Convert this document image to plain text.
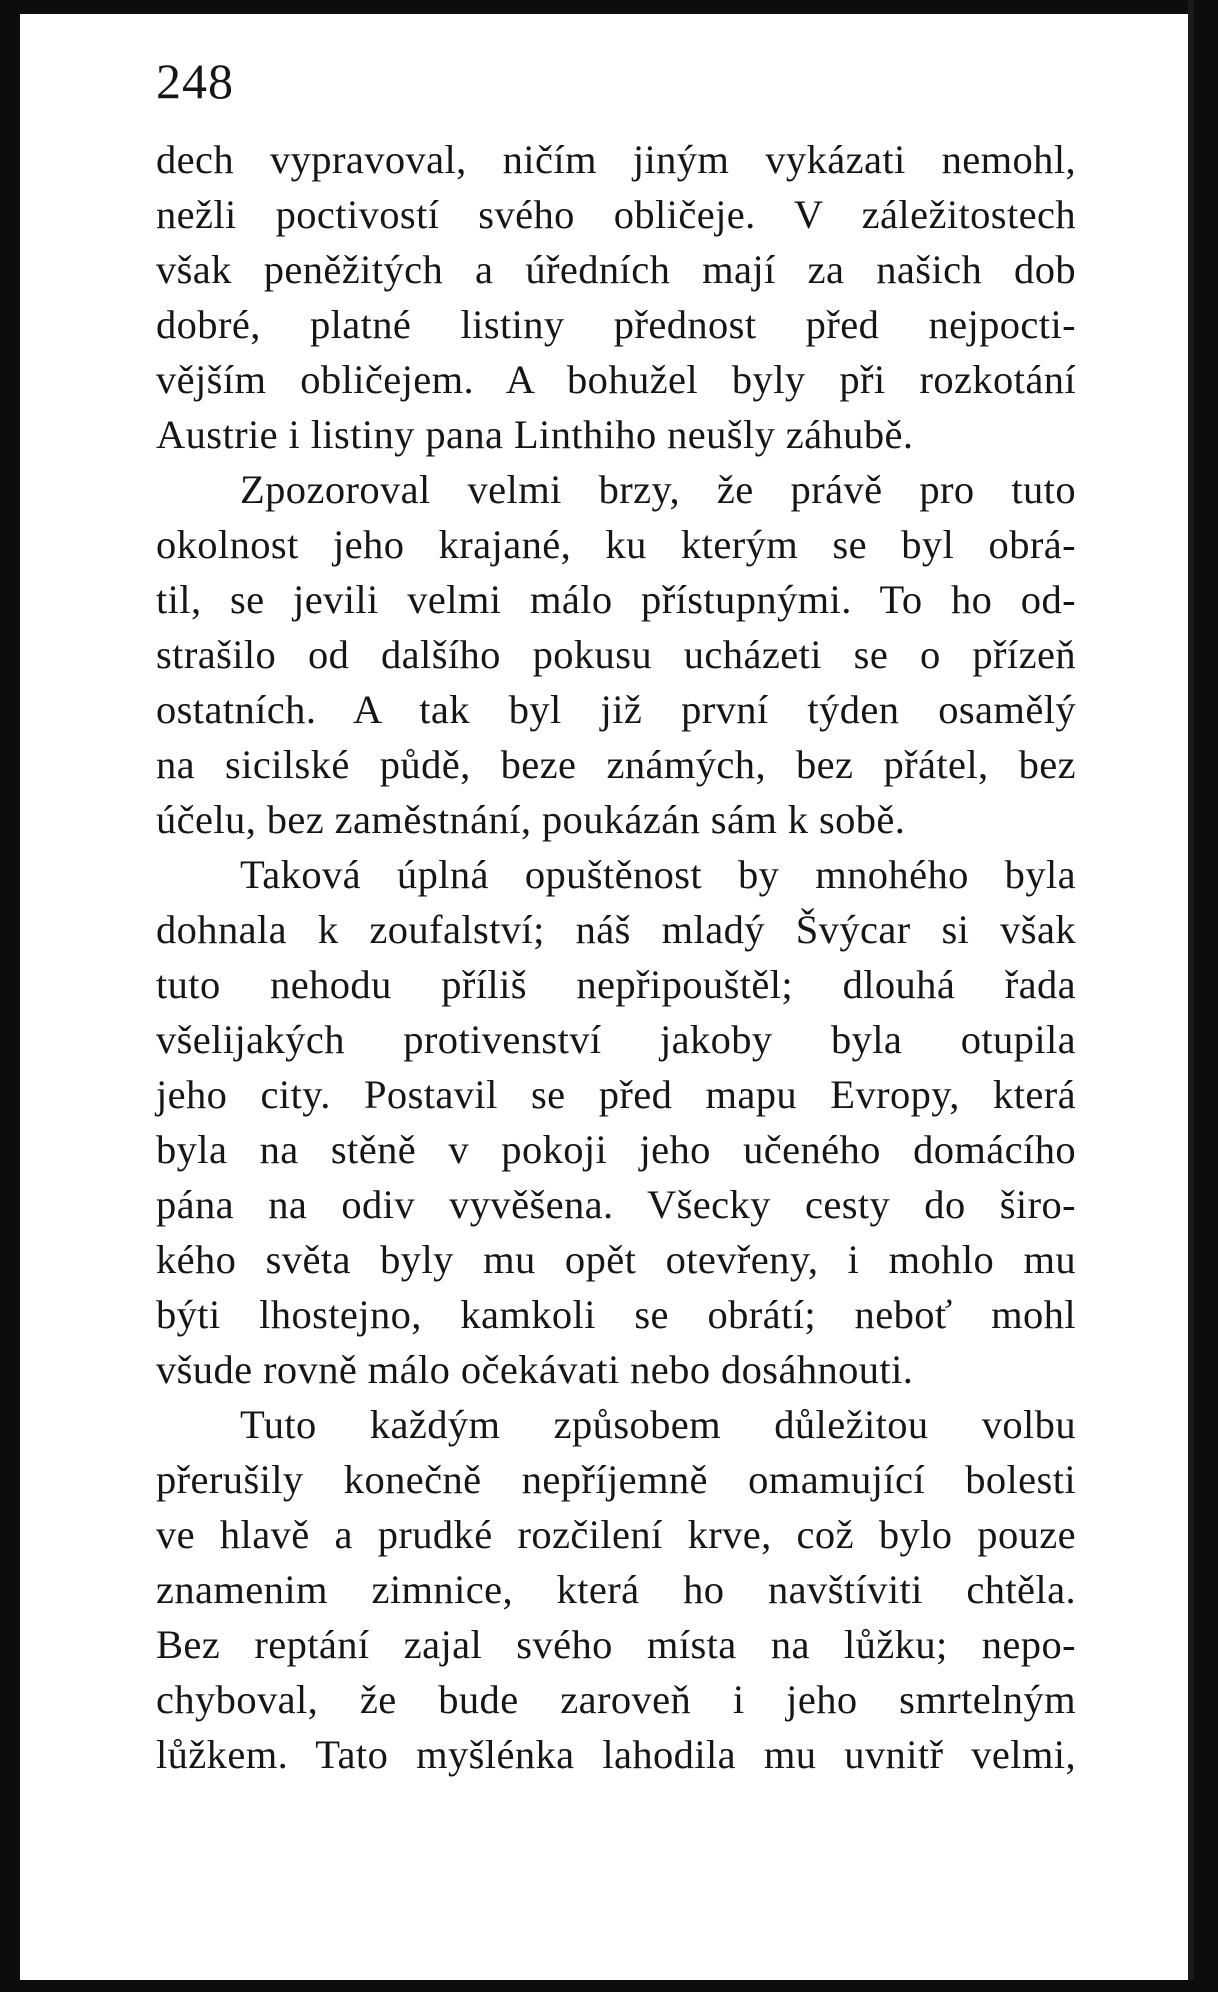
248
dech vypravoval, ničím jiným vykázati nemohl,
nežli poctivostí svého obličeje. V záležitostech
však peněžitých a úředních mají za našich dob
dobré, platné listiny přednost před nejpocti-
vějším obličejem. A bohužel byly při rozkotání
Austrie i listiny pana Linthiho neušly záhubě.
Zpozoroval velmi brzy, že právě pro tuto
okolnost jeho krajané, ku kterým se byl obrá-
til, se jevili velmi málo přístupnými. To ho od-
strašilo od dalšího pokusu ucházeti se o přízeň
ostatních. A tak byl již první týden osamělý
na sicilské půdě, beze známých, bez přátel, bez
účelu, bez zaměstnání, poukázán sám k sobě.
Taková úplná opuštěnost by mnohého byla
dohnala k zoufalství; náš mladý Švýcar si však
tuto nehodu příliš nepřipouštěl; dlouhá řada
všelijakých protivenství jakoby byla otupila
jeho city. Postavil se před mapu Evropy, která
byla na stěně v pokoji jeho učeného domácího
pána na odiv vyvěšena. Všecky cesty do širo-
kého světa byly mu opět otevřeny, i mohlo mu
býti lhostejno, kamkoli se obrátí; neboť mohl
všude rovně málo očekávati nebo dosáhnouti.
Tuto každým způsobem důležitou volbu
přerušily konečně nepříjemně omamující bolesti
ve hlavě a prudké rozčilení krve, což bylo pouze
znamenim zimnice, která ho navštíviti chtěla.
Bez reptání zajal svého místa na lůžku; nepo-
chyboval, že bude zaroveň i jeho smrtelným
lůžkem. Tato myšlénka lahodila mu uvnitř velmi,
